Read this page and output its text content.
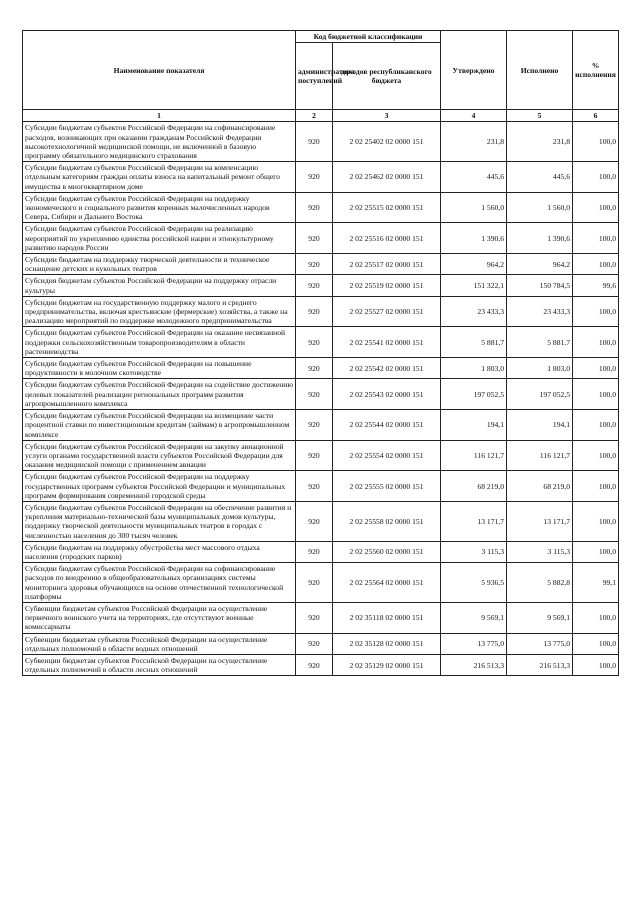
Наименование показателя	Код бюджетной классификации		Утверждено	Исполнено	% исполнения
	администратора поступлений	доходов республиканского бюджета			
1	2	3	4	5	6
Субсидии бюджетам субъектов Российской Федерации на софинансирование расходов, возникающих при оказании гражданам Российской Федерации высокотехнологичной медицинской помощи, не включенной в базовую программу обязательного медицинского страхования	920	2 02 25402 02 0000 151	231,8	231,8	100,0
Субсидии бюджетам субъектов Российской Федерации на компенсацию отдельным категориям граждан оплаты взноса на капитальный ремонт общего имущества в многоквартирном доме	920	2 02 25462 02 0000 151	445,6	445,6	100,0
Субсидии бюджетам субъектов Российской Федерации на поддержку экономического и социального развития коренных малочисленных народов Севера, Сибири и Дальнего Востока	920	2 02 25515 02 0000 151	1 560,0	1 560,0	100,0
Субсидии бюджетам субъектов Российской Федерации на реализацию мероприятий по укреплению единства российской нации и этнокультурному развитию народов России	920	2 02 25516 02 0000 151	1 390,6	1 390,6	100,0
Субсидии бюджетам на поддержку творческой деятельности и техническое оснащение детских и кукольных театров	920	2 02 25517 02 0000 151	964,2	964,2	100,0
Субсидия бюджетам субъектов Российской Федерации на поддержку отрасли культуры	920	2 02 25519 02 0000 151	151 322,1	150 784,5	99,6
Субсидии бюджетам на государственную поддержку малого и среднего предпринимательства, включая крестьянские (фермерские) хозяйства, а также на реализацию мероприятий по поддержке молодежного предпринимательства	920	2 02 25527 02 0000 151	23 433,3	23 433,3	100,0
Субсидии бюджетам субъектов Российской Федерации на оказание несвязанной поддержки сельскохозяйственным товаропроизводителям в области растениеводства	920	2 02 25541 02 0000 151	5 881,7	5 881,7	100,0
Субсидии бюджетам субъектов Российской Федерации на повышение продуктивности в молочном скотоводстве	920	2 02 25542 02 0000 151	1 803,0	1 803,0	100,0
Субсидии бюджетам субъектов Российской Федерации на содействие достижению целевых показателей реализации региональных программ развития агропромышленного комплекса	920	2 02 25543 02 0000 151	197 052,5	197 052,5	100,0
Субсидии бюджетам субъектов Российской Федерации на возмещение части процентной ставки по инвестиционным кредитам (займам) в агропромышленном комплексе	920	2 02 25544 02 0000 151	194,1	194,1	100,0
Субсидии бюджетам субъектов Российской Федерации на закупку авиационной услуги органами государственной власти субъектов Российской Федерации для оказания медицинской помощи с применением авиации	920	2 02 25554 02 0000 151	116 121,7	116 121,7	100,0
Субсидии бюджетам субъектов Российской Федерации на поддержку государственных программ субъектов Российской Федерации и муниципальных программ формирования современной городской среды	920	2 02 25555 02 0000 151	68 219,0	68 219,0	100,0
Субсидии бюджетам субъектов Российской Федерации на обеспечение развития и укрепления материально-технической базы муниципальных домов культуры, поддержку творческой деятельности муниципальных театров в городах с численностью населения до 300 тысяч человек	920	2 02 25558 02 0000 151	13 171,7	13 171,7	100,0
Субсидии бюджетам на поддержку обустройства мест массового отдыха населения (городских парков)	920	2 02 25560 02 0000 151	3 115,3	3 115,3	100,0
Субсидии бюджетам субъектов Российской Федерации на софинансирование расходов по внедрению в общеобразовательных организациях системы мониторинга здоровья обучающихся на основе отечественной технологической платформы	920	2 02 25564 02 0000 151	5 936,5	5 882,8	99,1
Субвенции бюджетам субъектов Российской Федерации на осуществление первичного воинского учета на территориях, где отсутствуют военные комиссариаты	920	2 02 35118 02 0000 151	9 569,1	9 569,1	100,0
Субвенции бюджетам субъектов Российской Федерации на осуществление отдельных полномочий в области водных отношений	920	2 02 35128 02 0000 151	13 775,0	13 775,0	100,0
Субвенции бюджетам субъектов Российской Федерации на осуществление отдельных полномочий в области лесных отношений	920	2 02 35129 02 0000 151	216 513,3	216 513,3	100,0
